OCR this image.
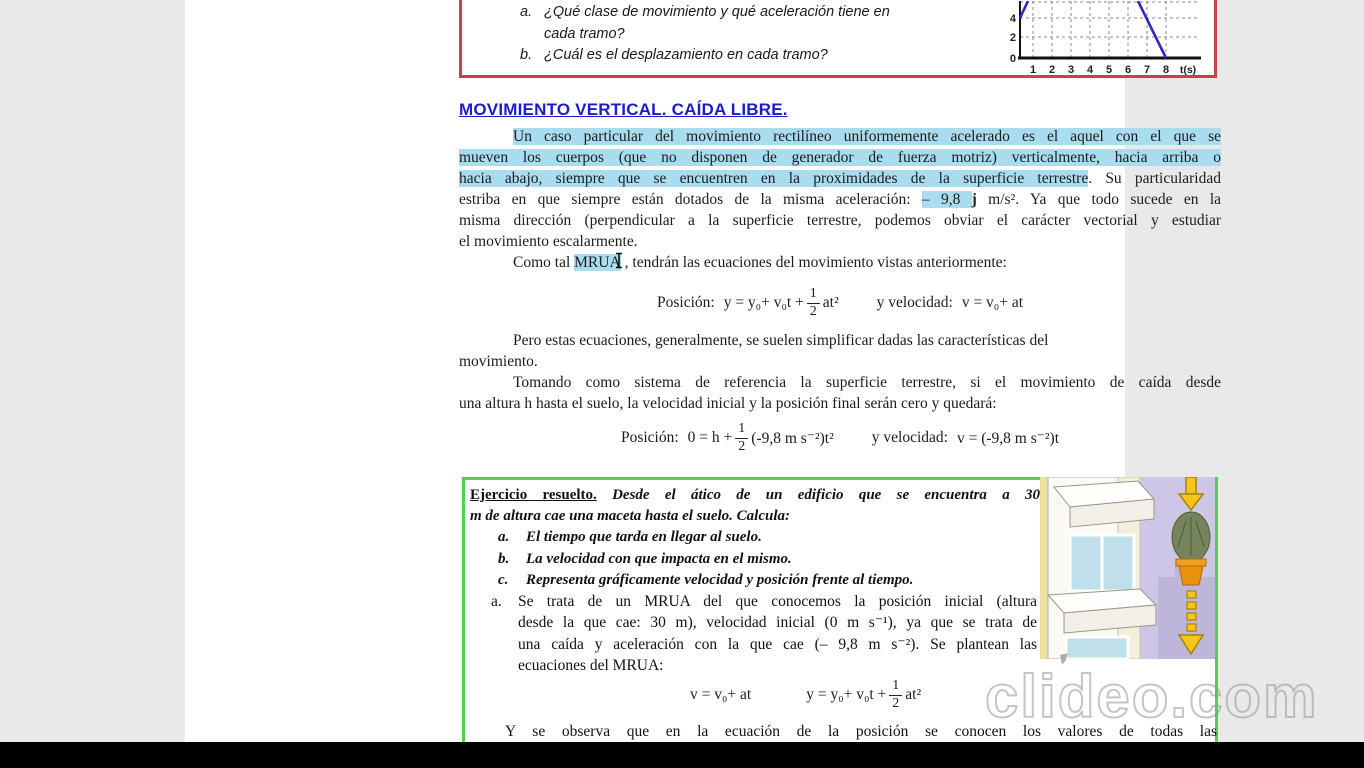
a. ¿Qué clase de movimiento y qué aceleración tiene en
cada tramo?
b. ¿Cuál es el desplazamiento en cada tramo?
4
2
0
1 2 3 4 5 6 7 8 t(s)
MOVIMIENTO VERTICAL. CAÍDA LIBRE.
Un caso particular del movimiento rectilíneo uniformemente acelerado es el aquel con el que se
mueven los cuerpos (que no disponen de generador de fuerza motriz) verticalmente, hacia arriba o
hacia abajo, siempre que se encuentren en la proximidades de la superficie terrestre. Su particularidad
estriba en que siempre están dotados de la misma aceleración: – 9,8 j m/s². Ya que todo sucede en la
misma dirección (perpendicular a la superficie terrestre, podemos obviar el carácter vectorial y estudiar
el movimiento escalarmente.
Como tal MRUA , tendrán las ecuaciones del movimiento vistas anteriormente:
Posición: $y = y_0+ v_0t + \frac{1}{2} at^2$ y velocidad: v = v₀+ at
Pero estas ecuaciones, generalmente, se suelen simplificar dadas las características del
movimiento.
Tomando como sistema de referencia la superficie terrestre, si el movimiento de caída desde
una altura h hasta el suelo, la velocidad inicial y la posición final serán cero y quedará:
Posición: $0 = h + \frac{1}{2} (-9,8$ m s⁻²)t² y velocidad: v = (-9,8 m s⁻²)t
Ejercicio resuelto. Desde el ático de un edificio que se encuentra a 30
m de altura cae una maceta hasta el suelo. Calcula:
a. El tiempo que tarda en llegar al suelo.
b. La velocidad con que impacta en el mismo.
c. Representa gráficamente velocidad y posición frente al tiempo.
a. Se trata de un MRUA del que conocemos la posición inicial (altura
desde la que cae: 30 m), velocidad inicial (0 m s⁻¹), ya que se trata de
una caída y aceleración con la que cae (– 9,8 m s⁻²). Se plantean las
ecuaciones del MRUA:
v = v₀+ at	$y = y_0+ v_0t + \frac{1}{2} at^2$
Y se observa que en la ecuación de la posición se conocen los valores de todas las
clideo.com
